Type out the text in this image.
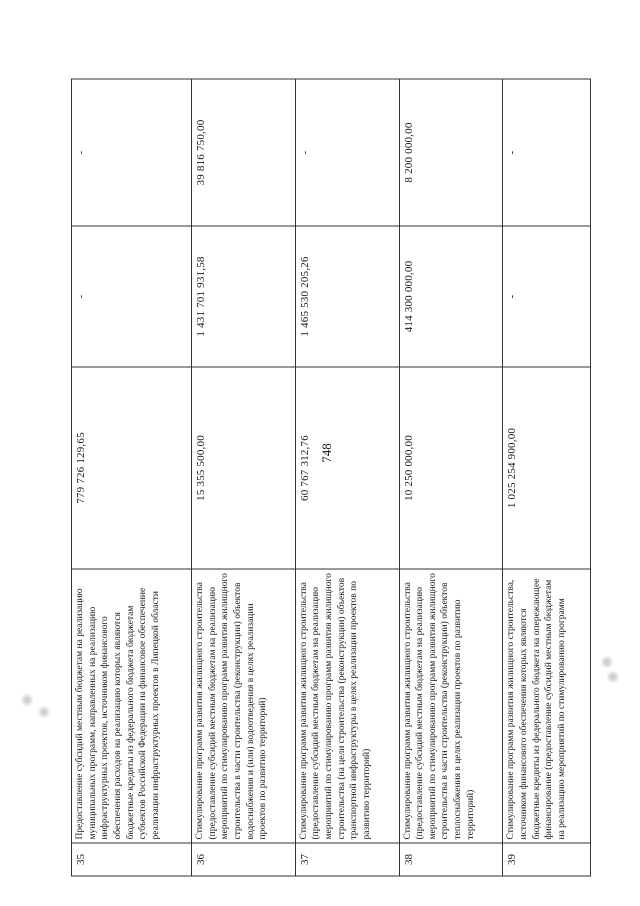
748
35	Предоставление субсидий местным бюджетам на реализацию муниципальных программ, направленных на реализацию инфраструктурных проектов, источником финансового обеспечения расходов на реализацию которых являются бюджетные кредиты из федерального бюджета бюджетам субъектов Российской Федерации на финансовое обеспечение реализации инфраструктурных проектов в Липецкой области	779 726 129,65	-	-
36	Стимулирование программ развития жилищного строительства (предоставление субсидий местным бюджетам на реализацию мероприятий по стимулированию программ развития жилищного строительства в части строительства (реконструкции) объектов водоснабжения и (или) водоотведения в целях реализации проектов по развитию территорий)	15 355 500,00	1 431 701 931,58	39 816 750,00
37	Стимулирование программ развития жилищного строительства (предоставление субсидий местным бюджетам на реализацию мероприятий по стимулированию программ развития жилищного строительства (на цели строительства (реконструкции) объектов транспортной инфраструктуры в целях реализации проектов по развитию территорий)	60 767 312,76	1 465 530 205,26	-
38	Стимулирование программ развития жилищного строительства (предоставление субсидий местным бюджетам на реализацию мероприятий по стимулированию программ развития жилищного строительства в части строительства (реконструкции) объектов теплоснабжения в целях реализации проектов по развитию территорий)	10 250 000,00	414 300 000,00	8 200 000,00
39	Стимулирование программ развития жилищного строительства, источником финансового обеспечения которых являются бюджетные кредиты из федерального бюджета на опережающее финансирование (предоставление субсидий местным бюджетам на реализацию мероприятий по стимулированию программ	1 025 254 900,00	-	-
